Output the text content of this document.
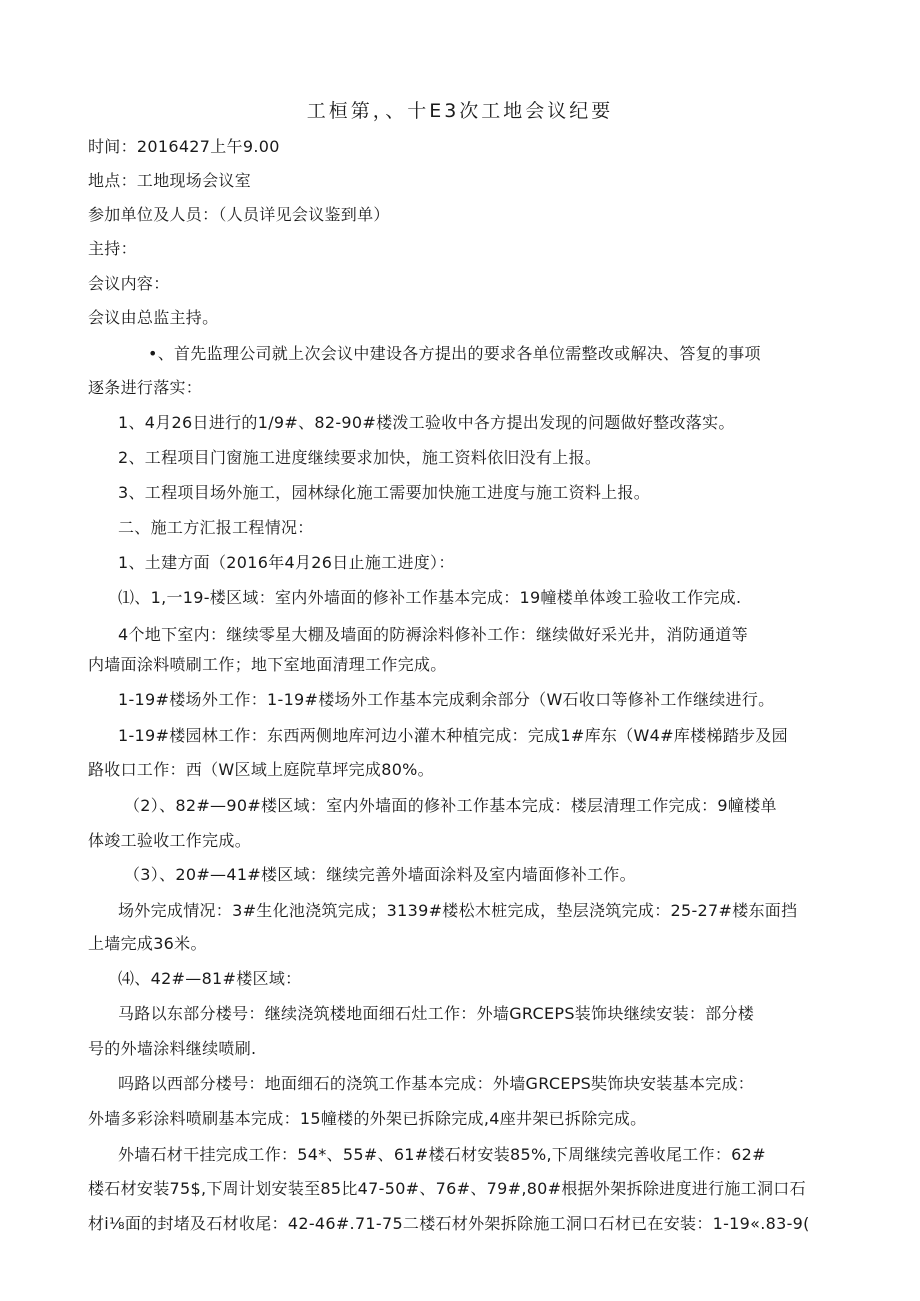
工桓第，、十E3次工地会议纪要
时间：2016427上午9.00
地点：工地现场会议室
参加单位及人员：（人员详见会议鉴到单）
主持：
会议内容：
会议由总监主持。
•、首先监理公司就上次会议中建设各方提出的要求各单位需整改或解决、答复的事项
逐条进行落实：
1、4月26日进行的1/9#、82-90#楼泼工验收中各方提出发现的问题做好整改落实。
2、工程项目门窗施工进度继续要求加快，施工资料依旧没有上报。
3、工程项目场外施工，园林绿化施工需要加快施工进度与施工资料上报。
二、施工方汇报工程情况：
1、土建方面（2016年4月26日止施工进度）：
⑴、1,一19-楼区域：室内外墙面的修补工作基本完成：19幢楼单体竣工验收工作完成.
4个地下室内：继续零星大棚及墙面的防褥涂料修补工作：继续做好采光井，消防通道等
内墙面涂料喷刷工作；地下室地面清理工作完成。
1-19#楼场外工作：1-19#楼场外工作基本完成剩余部分（W石收口等修补工作继续进行。
1-19#楼园林工作：东西两侧地库河边小灌木种植完成：完成1#库东（W4#库楼梯踏步及园
路收口工作：西（W区域上庭院草坪完成80%。
（2）、82#—90#楼区域：室内外墙面的修补工作基本完成：楼层清理工作完成：9幢楼单
体竣工验收工作完成。
（3）、20#—41#楼区域：继续完善外墙面涂料及室内墙面修补工作。
场外完成情况：3#生化池浇筑完成；3139#楼松木桩完成，垫层浇筑完成：25-27#楼东面挡
上墙完成36米。
⑷、42#—81#楼区域：
马路以东部分楼号：继续浇筑楼地面细石灶工作：外墙GRCEPS装饰块继续安装：部分楼
号的外墙涂料继续喷刷.
吗路以西部分楼号：地面细石的浇筑工作基本完成：外墙GRCEPS奘饰块安装基本完成：
外墙多彩涂料喷刷基本完成：15幢楼的外架已拆除完成,4座井架已拆除完成。
外墙石材干挂完成工作：54*、55#、61#楼石材安装85%,下周继续完善收尾工作：62#
楼石材安装75$,下周计划安装至85比47-50#、76#、79#,80#根据外架拆除进度进行施工洞口石
材i⅛面的封堵及石材收尾：42-46#.71-75二楼石材外架拆除施工洞口石材已在安装：1-19«.83-9(
